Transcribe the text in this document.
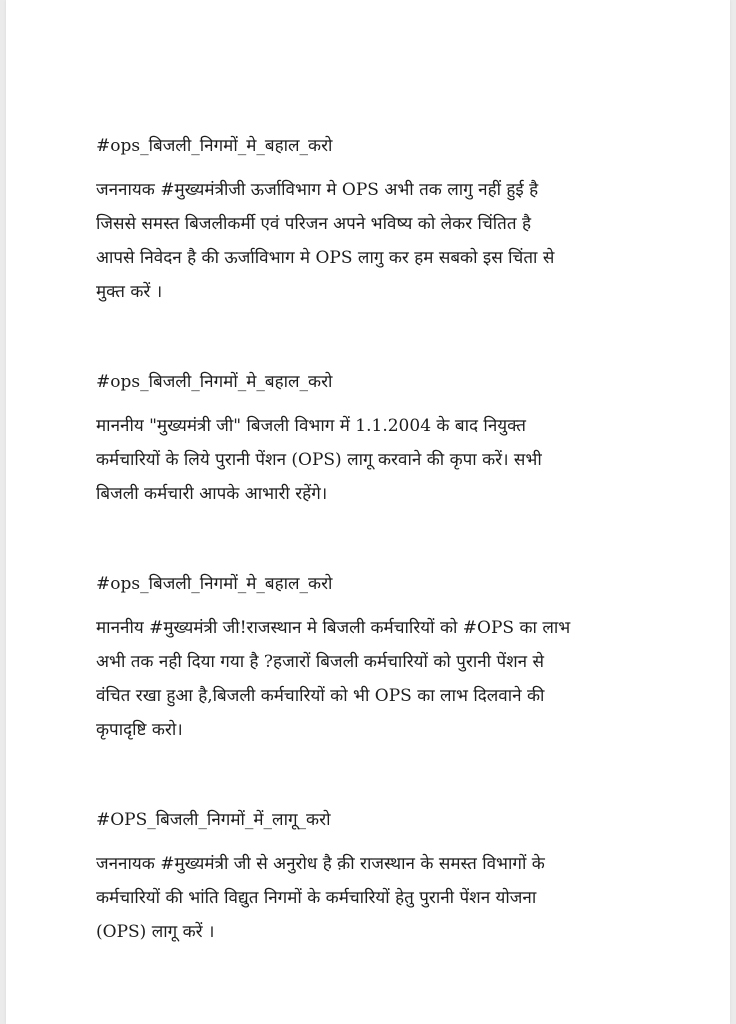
#ops_बिजली_निगमों_मे_बहाल_करो

जननायक #मुख्यमंत्रीजी ऊर्जाविभाग मे OPS अभी तक लागु नहीं हुई है

जिससे समस्त बिजलीकर्मी एवं परिजन अपने भविष्य को लेकर चिंतित है

आपसे निवेदन है की ऊर्जाविभाग मे OPS लागु कर हम सबको इस चिंता से

मुक्त करें ।

#ops_बिजली_निगमों_मे_बहाल_करो

माननीय "मुख्यमंत्री जी" बिजली विभाग में 1.1.2004 के बाद नियुक्त

कर्मचारियों के लिये पुरानी पेंशन (OPS) लागू करवाने की कृपा करें। सभी

बिजली कर्मचारी आपके आभारी रहेंगे।

#ops_बिजली_निगमों_मे_बहाल_करो

माननीय #मुख्यमंत्री जी!राजस्थान मे बिजली कर्मचारियों को #OPS का लाभ

अभी तक नही दिया गया है ?हजारों बिजली कर्मचारियों को पुरानी पेंशन से

वंचित रखा हुआ है,बिजली कर्मचारियों को भी OPS का लाभ दिलवाने की

कृपादृष्टि करो।

#OPS_बिजली_निगमों_में_लागू_करो

जननायक #मुख्यमंत्री जी से अनुरोध है क़ी राजस्थान के समस्त विभागों के

कर्मचारियों की भांति विद्युत निगमों के कर्मचारियों हेतु पुरानी पेंशन योजना

(OPS) लागू करें ।
